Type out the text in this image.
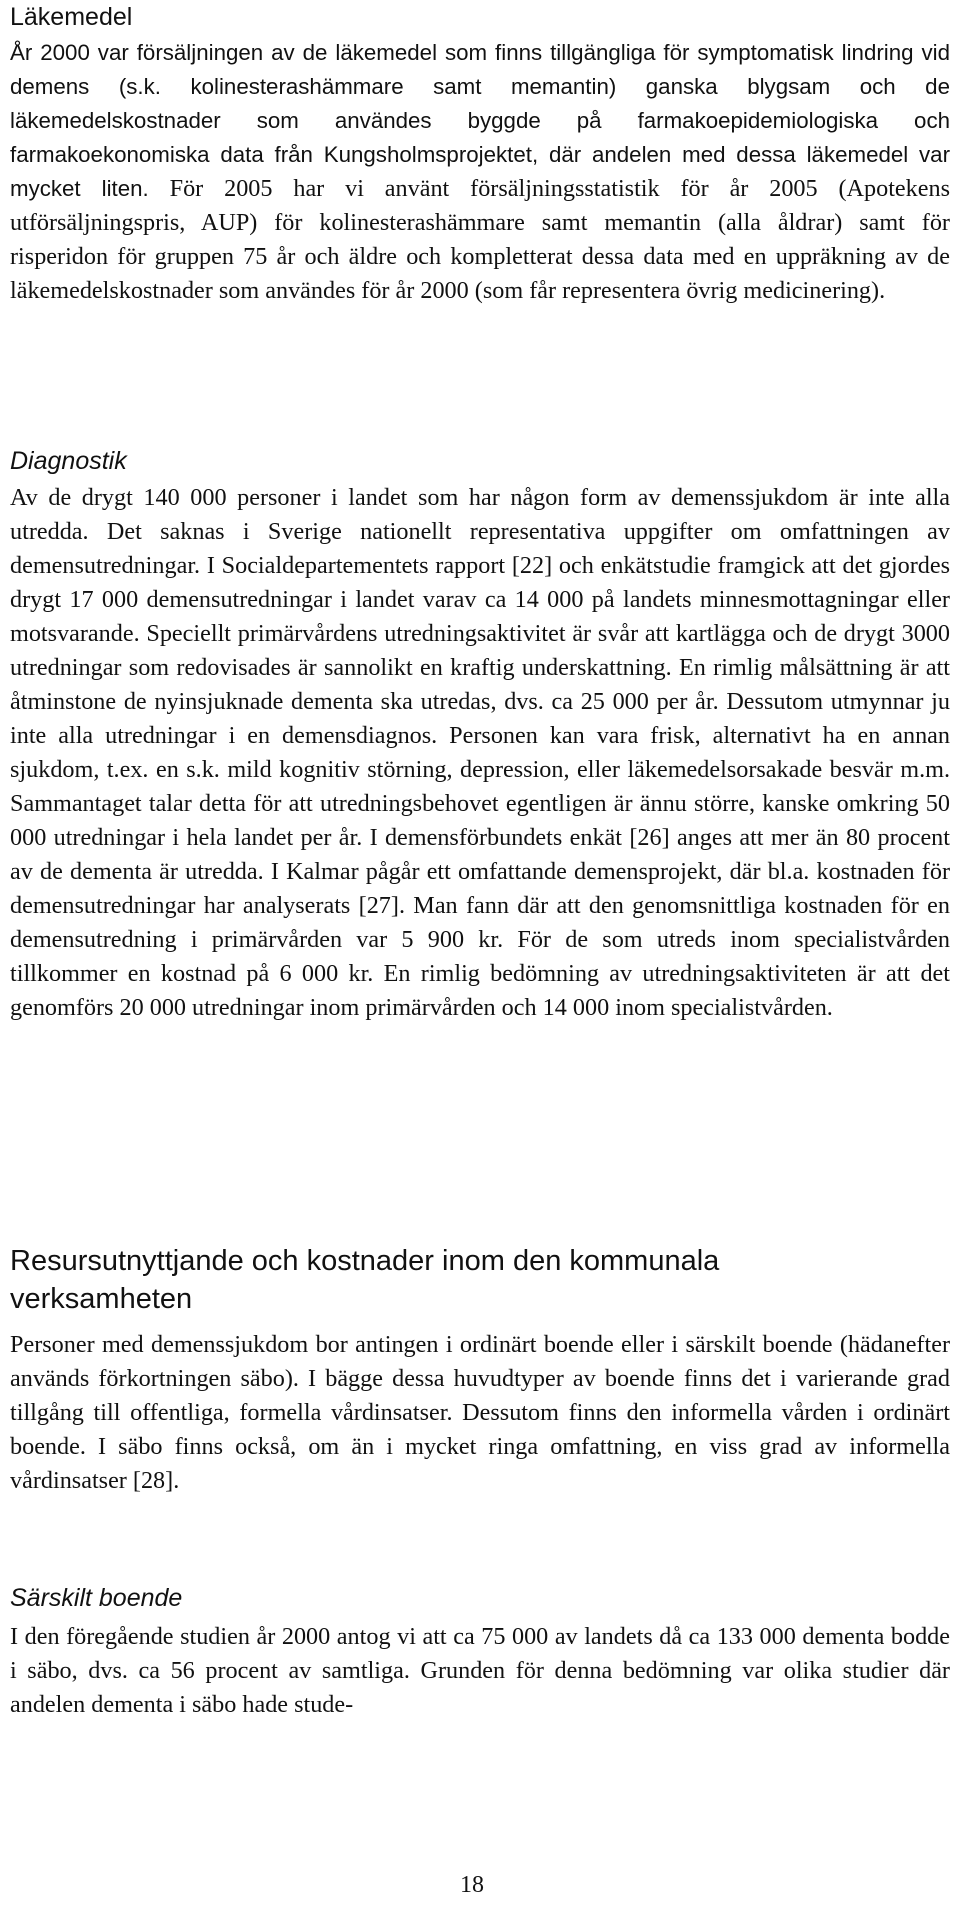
Läkemedel

År 2000 var försäljningen av de läkemedel som finns tillgängliga för symptomatisk lindring vid demens (s.k. kolinesterashämmare samt memantin) ganska blygsam och de läkemedelskostnader som användes byggde på farmakoepidemiologiska och farmakoekonomiska data från Kungsholmsprojektet, där andelen med dessa läkemedel var mycket liten. För 2005 har vi använt försäljningsstatistik för år 2005 (Apotekens utförsäljningspris, AUP) för kolinesterashämmare samt memantin (alla åldrar) samt för risperidon för gruppen 75 år och äldre och kompletterat dessa data med en uppräkning av de läkemedelskostnader som användes för år 2000 (som får representera övrig medicinering).

Diagnostik

Av de drygt 140 000 personer i landet som har någon form av demenssjukdom är inte alla utredda. Det saknas i Sverige nationellt representativa uppgifter om omfattningen av demensutredningar. I Socialdepartementets rapport [22] och enkätstudie framgick att det gjordes drygt 17 000 demensutredningar i landet varav ca 14 000 på landets minnesmottagningar eller motsvarande. Speciellt primärvårdens utredningsaktivitet är svår att kartlägga och de drygt 3000 utredningar som redovisades är sannolikt en kraftig underskattning. En rimlig målsättning är att åtminstone de nyinsjuknade dementa ska utredas, dvs. ca 25 000 per år. Dessutom utmynnar ju inte alla utredningar i en demensdiagnos. Personen kan vara frisk, alternativt ha en annan sjukdom, t.ex. en s.k. mild kognitiv störning, depression, eller läkemedelsorsakade besvär m.m. Sammantaget talar detta för att utredningsbehovet egentligen är ännu större, kanske omkring 50 000 utredningar i hela landet per år. I demensförbundets enkät [26] anges att mer än 80 procent av de dementa är utredda. I Kalmar pågår ett omfattande demensprojekt, där bl.a. kostnaden för demensutredningar har analyserats [27]. Man fann där att den genomsnittliga kostnaden för en demensutredning i primärvården var 5 900 kr. För de som utreds inom specialistvården tillkommer en kostnad på 6 000 kr. En rimlig bedömning av utredningsaktiviteten är att det genomförs 20 000 utredningar inom primärvården och 14 000 inom specialistvården.

Resursutnyttjande och kostnader inom den kommunala
verksamheten

Personer med demenssjukdom bor antingen i ordinärt boende eller i särskilt boende (hädanefter används förkortningen säbo). I bägge dessa huvudtyper av boende finns det i varierande grad tillgång till offentliga, formella vårdinsatser. Dessutom finns den informella vården i ordinärt boende. I säbo finns också, om än i mycket ringa omfattning, en viss grad av informella vårdinsatser [28].

Särskilt boende

I den föregående studien år 2000 antog vi att ca 75 000 av landets då ca 133 000 dementa bodde i säbo, dvs. ca 56 procent av samtliga. Grunden för denna bedömning var olika studier där andelen dementa i säbo hade stude-

18
